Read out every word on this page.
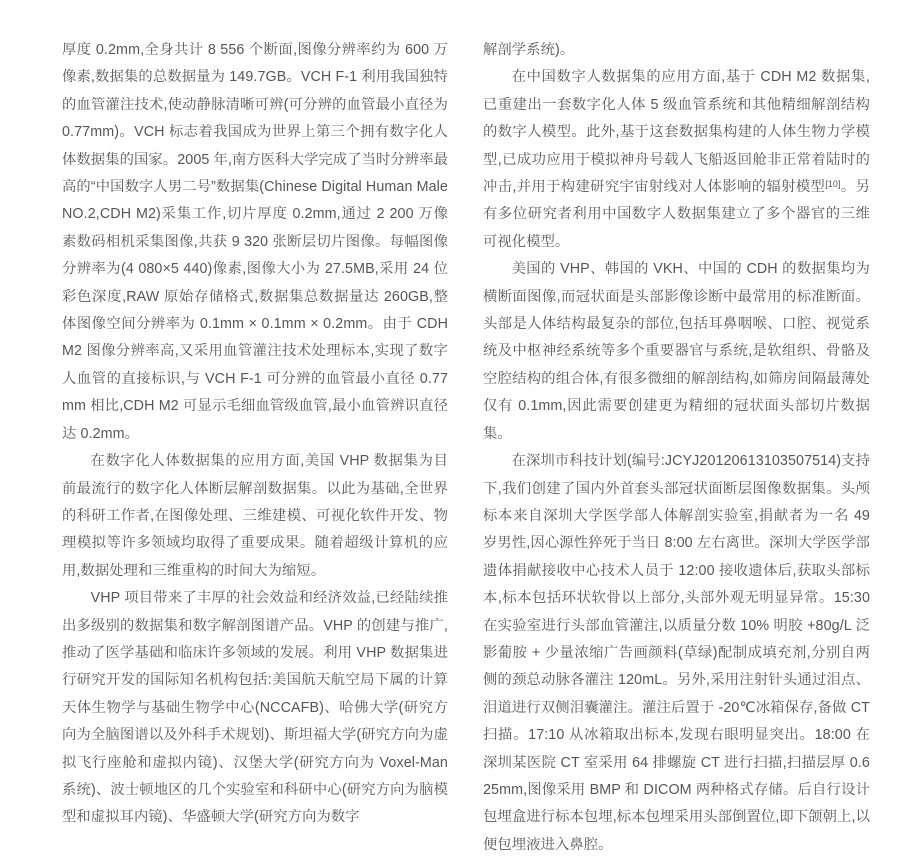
厚度 0.2mm,全身共计 8 556 个断面,图像分辨率约为 600 万像素,数据集的总数据量为 149.7GB。VCH F-1 利用我国独特的血管灌注技术,使动静脉清晰可辨(可分辨的血管最小直径为 0.77mm)。VCH 标志着我国成为世界上第三个拥有数字化人体数据集的国家。2005 年,南方医科大学完成了当时分辨率最高的“中国数字人男二号”数据集(Chinese Digital Human Male NO.2,CDH M2)采集工作,切片厚度 0.2mm,通过 2 200 万像素数码相机采集图像,共获 9 320 张断层切片图像。每幅图像分辨率为(4 080×5 440)像素,图像大小为 27.5MB,采用 24 位彩色深度,RAW 原始存储格式,数据集总数据量达 260GB,整体图像空间分辨率为 0.1mm × 0.1mm × 0.2mm。由于 CDH M2 图像分辨率高,又采用血管灌注技术处理标本,实现了数字人血管的直接标识,与 VCH F-1 可分辨的血管最小直径 0.77mm 相比,CDH M2 可显示毛细血管级血管,最小血管辨识直径达 0.2mm。

在数字化人体数据集的应用方面,美国 VHP 数据集为目前最流行的数字化人体断层解剖数据集。以此为基础,全世界的科研工作者,在图像处理、三维建模、可视化软件开发、物理模拟等许多领域均取得了重要成果。随着超级计算机的应用,数据处理和三维重构的时间大为缩短。

VHP 项目带来了丰厚的社会效益和经济效益,已经陆续推出多级别的数据集和数字解剖图谱产品。VHP 的创建与推广,推动了医学基础和临床许多领域的发展。利用 VHP 数据集进行研究开发的国际知名机构包括:美国航天航空局下属的计算天体生物学与基础生物学中心(NCCAFB)、哈佛大学(研究方向为全脑图谱以及外科手术规划)、斯坦福大学(研究方向为虚拟飞行座舱和虚拟内镜)、汉堡大学(研究方向为 Voxel-Man 系统)、波士顿地区的几个实验室和科研中心(研究方向为脑模型和虚拟耳内镜)、华盛顿大学(研究方向为数字

解剖学系统)。

在中国数字人数据集的应用方面,基于 CDH M2 数据集,已重建出一套数字化人体 5 级血管系统和其他精细解剖结构的数字人模型。此外,基于这套数据集构建的人体生物力学模型,已成功应用于模拟神舟号载人飞船返回舱非正常着陆时的冲击,并用于构建研究宇宙射线对人体影响的辐射模型[10]。另有多位研究者利用中国数字人数据集建立了多个器官的三维可视化模型。

美国的 VHP、韩国的 VKH、中国的 CDH 的数据集均为横断面图像,而冠状面是头部影像诊断中最常用的标准断面。头部是人体结构最复杂的部位,包括耳鼻咽喉、口腔、视觉系统及中枢神经系统等多个重要器官与系统,是软组织、骨骼及空腔结构的组合体,有很多微细的解剖结构,如筛房间隔最薄处仅有 0.1mm,因此需要创建更为精细的冠状面头部切片数据集。

在深圳市科技计划(编号:JCYJ20120613103507514)支持下,我们创建了国内外首套头部冠状面断层图像数据集。头颅标本来自深圳大学医学部人体解剖实验室,捐献者为一名 49 岁男性,因心源性猝死于当日 8:00 左右离世。深圳大学医学部遗体捐献接收中心技术人员于 12:00 接收遗体后,获取头部标本,标本包括环状软骨以上部分,头部外观无明显异常。15:30 在实验室进行头部血管灌注,以质量分数 10% 明胶 +80g/L 泛影葡胺 + 少量浓缩广告画颜料(草绿)配制成填充剂,分别自两侧的颈总动脉各灌注 120mL。另外,采用注射针头通过泪点、泪道进行双侧泪囊灌注。灌注后置于 -20℃冰箱保存,备做 CT 扫描。17:10 从冰箱取出标本,发现右眼明显突出。18:00 在深圳某医院 CT 室采用 64 排螺旋 CT 进行扫描,扫描层厚 0.625mm,图像采用 BMP 和 DICOM 两种格式存储。后自行设计包埋盒进行标本包埋,标本包埋采用头部倒置位,即下颌朝上,以便包埋液进入鼻腔。
